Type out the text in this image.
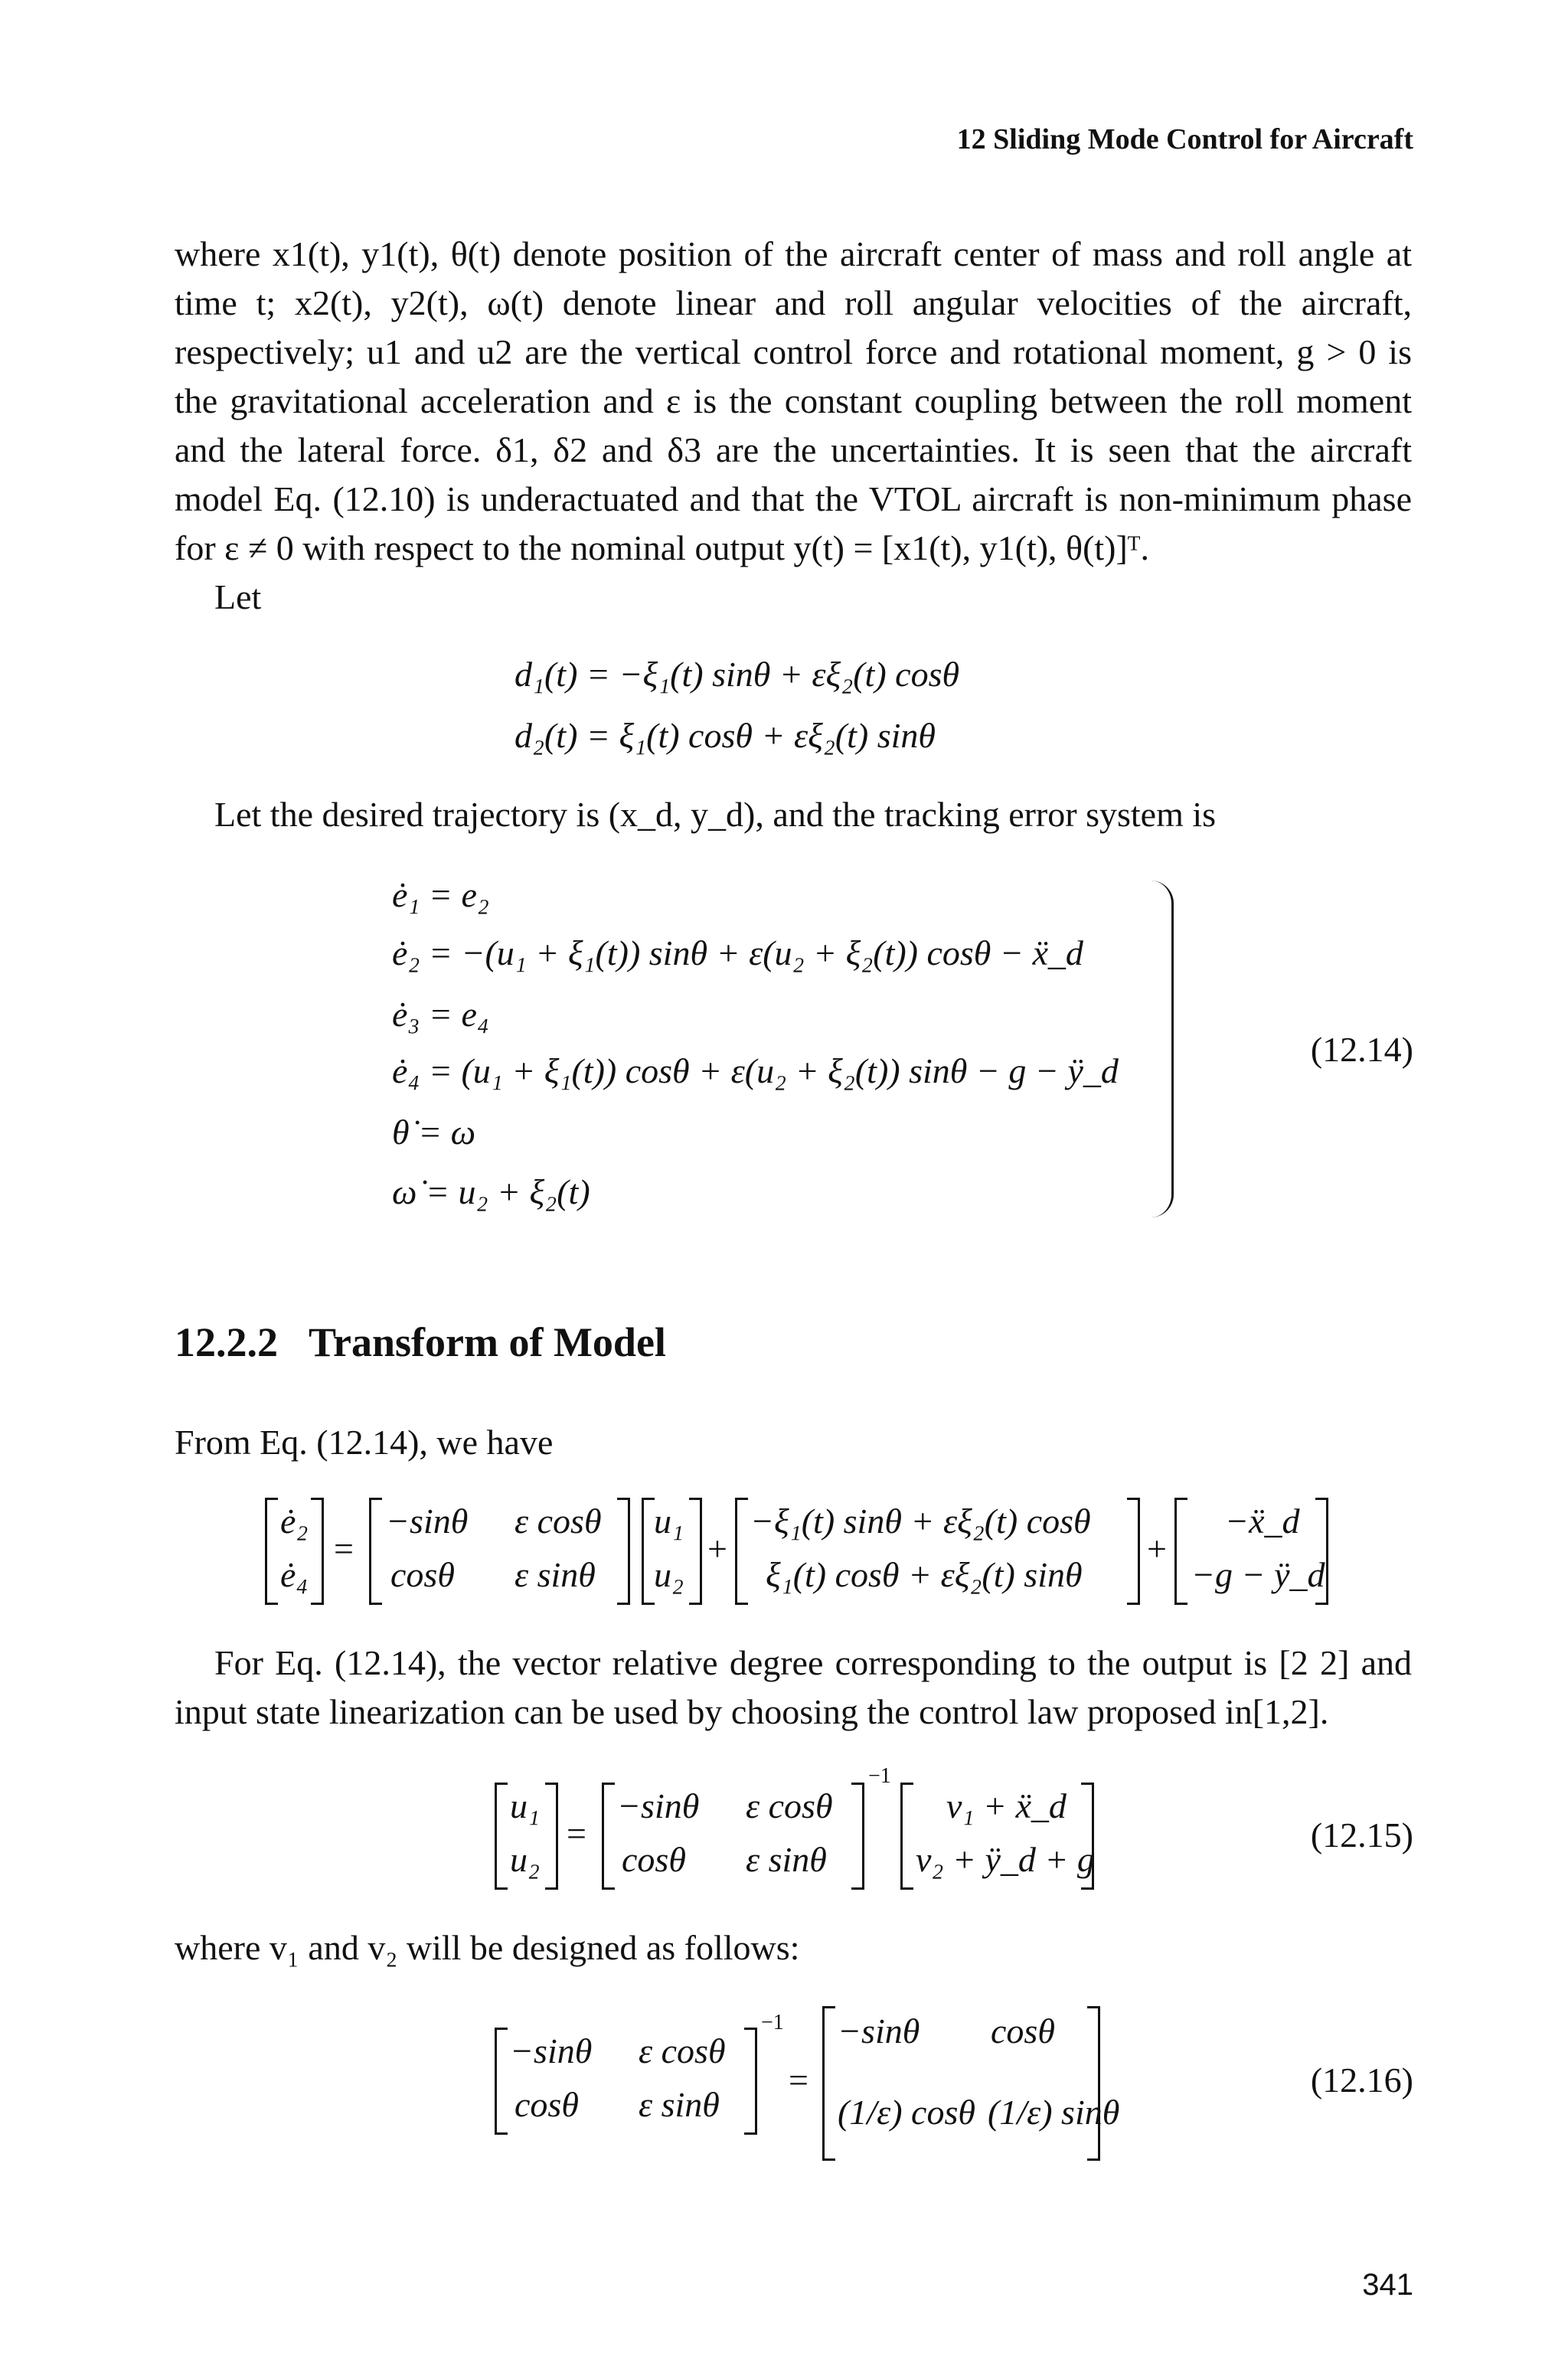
12 Sliding Mode Control for Aircraft

where x1(t), y1(t), θ(t) denote position of the aircraft center of mass and roll angle at time t; x2(t), y2(t), ω(t) denote linear and roll angular velocities of the aircraft, respectively; u1 and u2 are the vertical control force and rotational moment, g > 0 is the gravitational acceleration and ε is the constant coupling between the roll moment and the lateral force. δ1, δ2 and δ3 are the uncertainties. It is seen that the aircraft model Eq. (12.10) is underactuated and that the VTOL aircraft is non-minimum phase for ε ≠ 0 with respect to the nominal output y(t) = [x1(t), y1(t), θ(t)]ᵀ.

Let

d₁(t) = −ξ₁(t) sinθ + εξ₂(t) cosθ
d₂(t) = ξ₁(t) cosθ + εξ₂(t) sinθ

Let the desired trajectory is (x_d, y_d), and the tracking error system is

ė₁ = e₂
ė₂ = −(u₁ + ξ₁(t)) sinθ + ε(u₂ + ξ₂(t)) cosθ − ẍ_d
ė₃ = e₄
ė₄ = (u₁ + ξ₁(t)) cosθ + ε(u₂ + ξ₂(t)) sinθ − g − ÿ_d
θ̇ = ω
ω̇ = u₂ + ξ₂(t)
(12.14)
12.2.2 Transform of Model

From Eq. (12.14), we have

ė₂
ė₄
=
−sinθ ε cosθ
cosθ ε sinθ
u₁
u₂
+
−ξ₁(t) sinθ + εξ₂(t) cosθ
ξ₁(t) cosθ + εξ₂(t) sinθ
+
−ẍ_d
−g − ÿ_d

For Eq. (12.14), the vector relative degree corresponding to the output is [2 2] and input state linearization can be used by choosing the control law proposed in[1,2].

u₁
u₂
=
−sinθ ε cosθ
cosθ ε sinθ
−1
v₁ + ẍ_d
v₂ + ÿ_d + g
(12.15)

where v₁ and v₂ will be designed as follows:

−sinθ ε cosθ
cosθ ε sinθ
−1
=
−sinθ cosθ
(1/ε) cosθ (1/ε) sinθ
(12.16)
341
